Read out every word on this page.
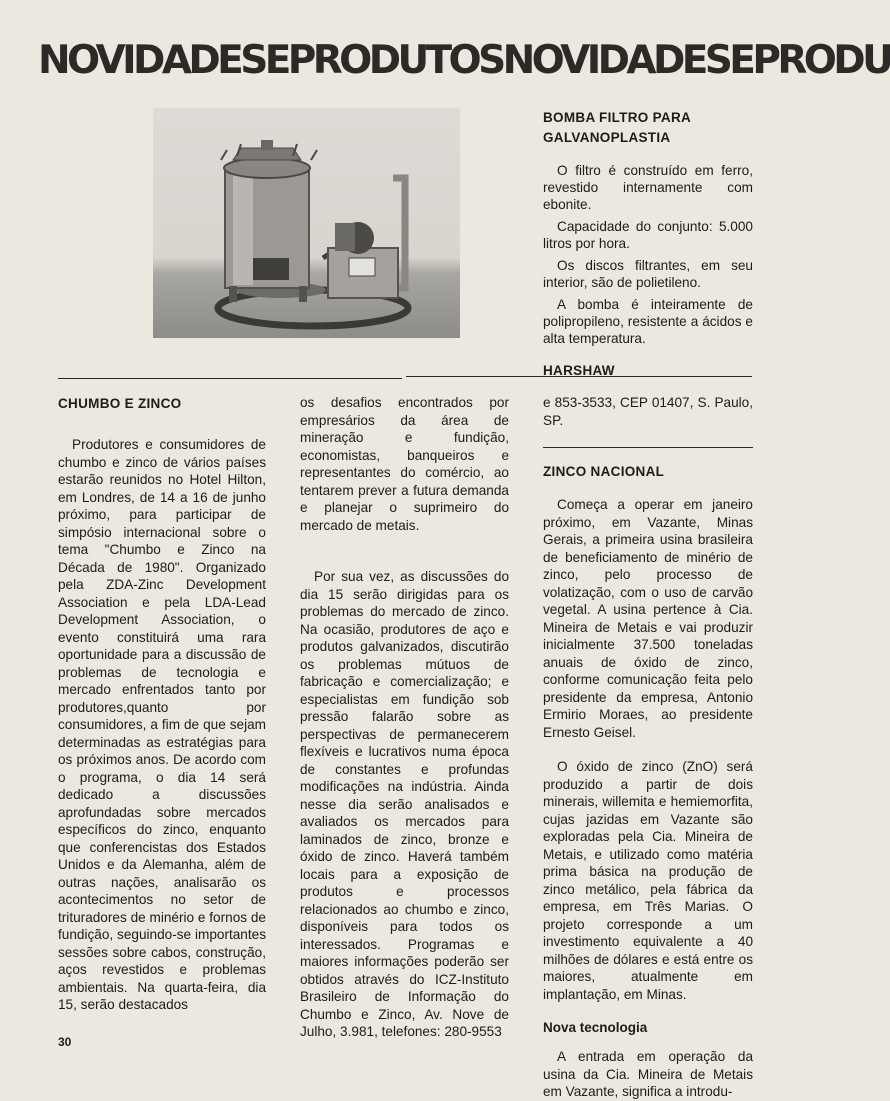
NOVIDADESEPRODUTOSNOVIDADESEPRODU
BOMBA FILTRO PARA
GALVANOPLASTIA

O filtro é construído em ferro, revestido internamente com ebonite.

Capacidade do conjunto: 5.000 litros por hora.

Os discos filtrantes, em seu interior, são de polietileno.

A bomba é inteiramente de polipropileno, resistente a ácidos e alta temperatura.

HARSHAW
CHUMBO E ZINCO

Produtores e consumidores de chumbo e zinco de vários países estarão reunidos no Hotel Hilton, em Londres, de 14 a 16 de junho próximo, para participar de simpósio internacional sobre o tema "Chumbo e Zinco na Década de 1980". Organizado pela ZDA-Zinc Development Association e pela LDA-Lead Development Association, o evento constituirá uma rara oportunidade para a discussão de problemas de tecnologia e mercado enfrentados tanto por produtores,quanto por consumidores, a fim de que sejam determinadas as estratégias para os próximos anos. De acordo com o programa, o dia 14 será dedicado a discussões aprofundadas sobre mercados específicos do zinco, enquanto que conferencistas dos Estados Unidos e da Alemanha, além de outras nações, analisarão os acontecimentos no setor de trituradores de minério e fornos de fundição, seguindo-se importantes sessões sobre cabos, construção, aços revestidos e problemas ambientais. Na quarta-feira, dia 15, serão destacados

os desafios encontrados por empresários da área de mineração e fundição, economistas, banqueiros e representantes do comércio, ao tentarem prever a futura demanda e planejar o suprimeiro do mercado de metais.

Por sua vez, as discussões do dia 15 serão dirigidas para os problemas do mercado de zinco. Na ocasião, produtores de aço e produtos galvanizados, discutirão os problemas mútuos de fabricação e comercialização; e especialistas em fundição sob pressão falarão sobre as perspectivas de permanecerem flexíveis e lucrativos numa época de constantes e profundas modificações na indústria. Ainda nesse dia serão analisados e avaliados os mercados para laminados de zinco, bronze e óxido de zinco. Haverá também locais para a exposição de produtos e processos relacionados ao chumbo e zinco, disponíveis para todos os interessados. Programas e maiores informações poderão ser obtidos através do ICZ-Instituto Brasileiro de Informação do Chumbo e Zinco, Av. Nove de Julho, 3.981, telefones: 280-9553

e 853-3533, CEP 01407, S. Paulo, SP.

ZINCO NACIONAL

Começa a operar em janeiro próximo, em Vazante, Minas Gerais, a primeira usina brasileira de beneficiamento de minério de zinco, pelo processo de volatização, com o uso de carvão vegetal. A usina pertence à Cia. Mineira de Metais e vai produzir inicialmente 37.500 toneladas anuais de óxido de zinco, conforme comunicação feita pelo presidente da empresa, Antonio Ermirio Moraes, ao presidente Ernesto Geisel.

O óxido de zinco (ZnO) será produzido a partir de dois minerais, willemita e hemiemorfita, cujas jazidas em Vazante são exploradas pela Cia. Mineira de Metais, e utilizado como matéria prima básica na produção de zinco metálico, pela fábrica da empresa, em Três Marias. O projeto corresponde a um investimento equivalente a 40 milhões de dólares e está entre os maiores, atualmente em implantação, em Minas.

Nova tecnologia

A entrada em operação da usina da Cia. Mineira de Metais em Vazante, significa a introdu-

30
